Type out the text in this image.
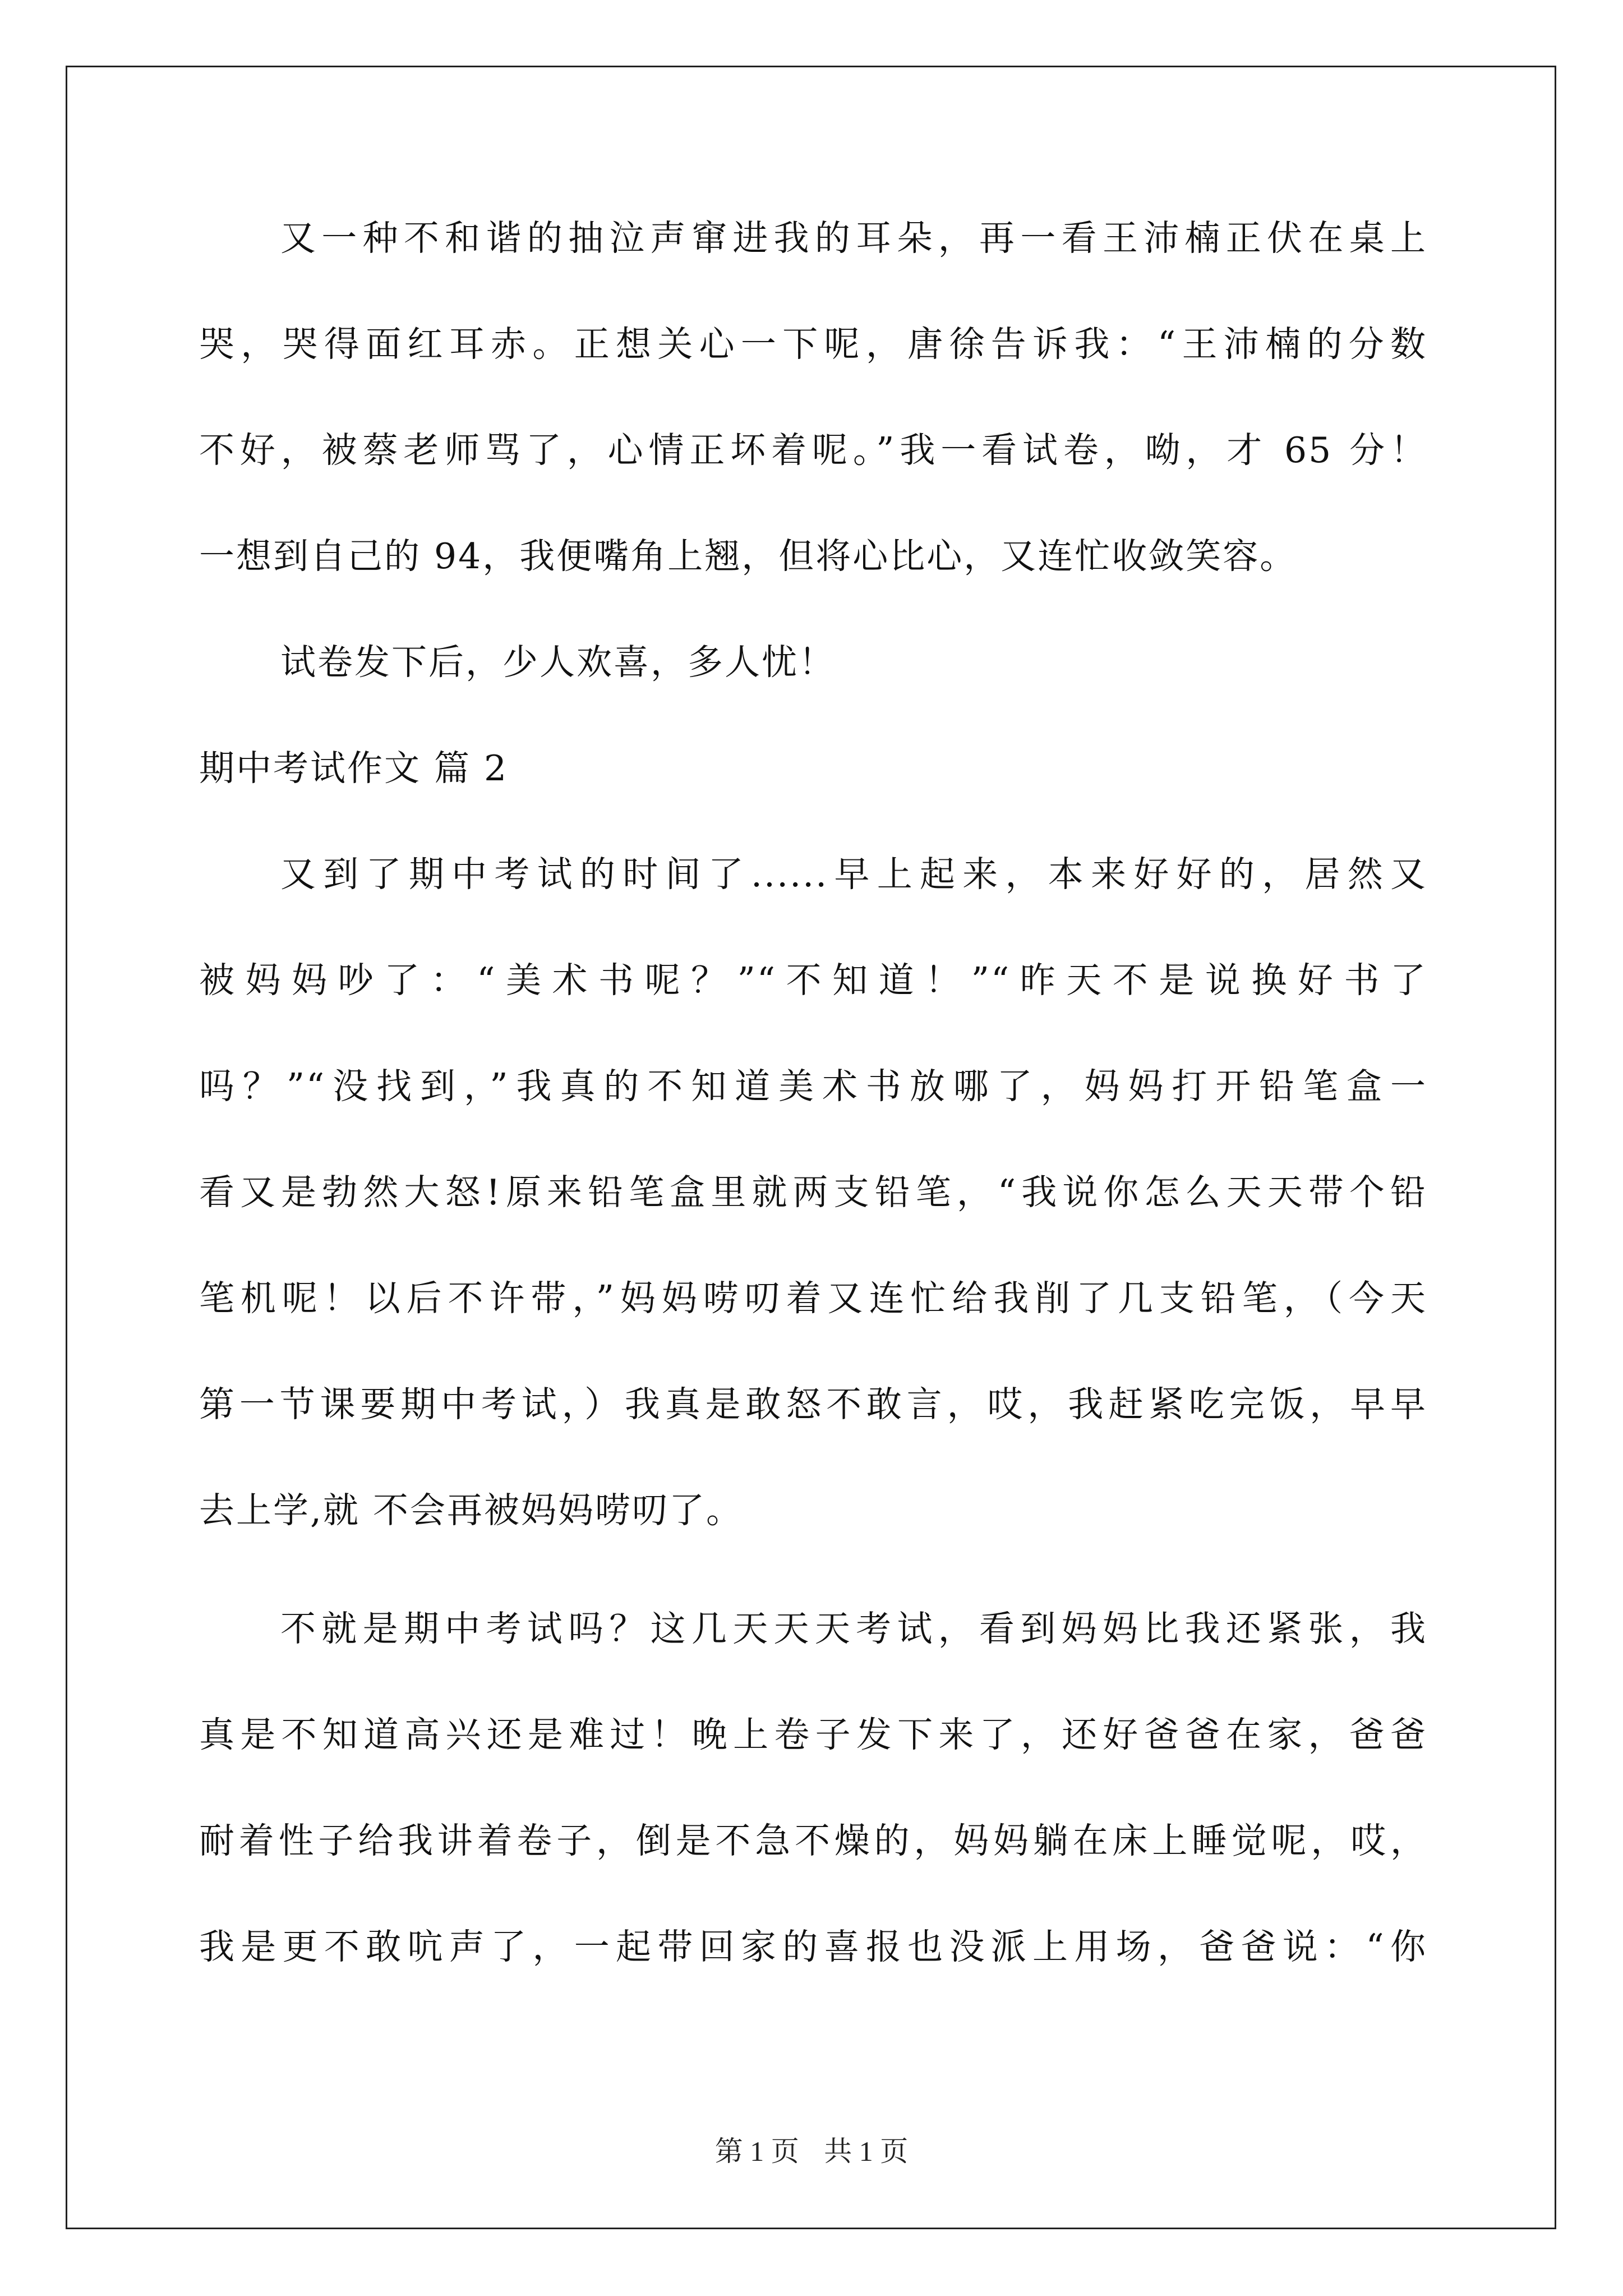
又一种不和谐的抽泣声窜进我的耳朵，再一看王沛楠正伏在桌上
哭，哭得面红耳赤。正想关心一下呢，唐徐告诉我：“王沛楠的分数
不好，被蔡老师骂了，心情正坏着呢。”我一看试卷，呦，才 65 分！
一想到自己的 94，我便嘴角上翘，但将心比心，又连忙收敛笑容。
试卷发下后，少人欢喜，多人忧！
期中考试作文 篇 2
又到了期中考试的时间了......早上起来，本来好好的，居然又
被妈妈吵了：“美术书呢？”“不知道！”“昨天不是说换好书了
吗？”“没找到，”我真的不知道美术书放哪了，妈妈打开铅笔盒一
看又是勃然大怒!原来铅笔盒里就两支铅笔，“我说你怎么天天带个铅
笔机呢！以后不许带，”妈妈唠叨着又连忙给我削了几支铅笔，（今天
第一节课要期中考试，）我真是敢怒不敢言，哎，我赶紧吃完饭，早早
去上学,就 不会再被妈妈唠叨了。
不就是期中考试吗？这几天天天考试，看到妈妈比我还紧张，我
真是不知道高兴还是难过！晚上卷子发下来了，还好爸爸在家，爸爸
耐着性子给我讲着卷子，倒是不急不燥的，妈妈躺在床上睡觉呢，哎，
我是更不敢吭声了，一起带回家的喜报也没派上用场，爸爸说：“你
第 1 页 共 1 页
